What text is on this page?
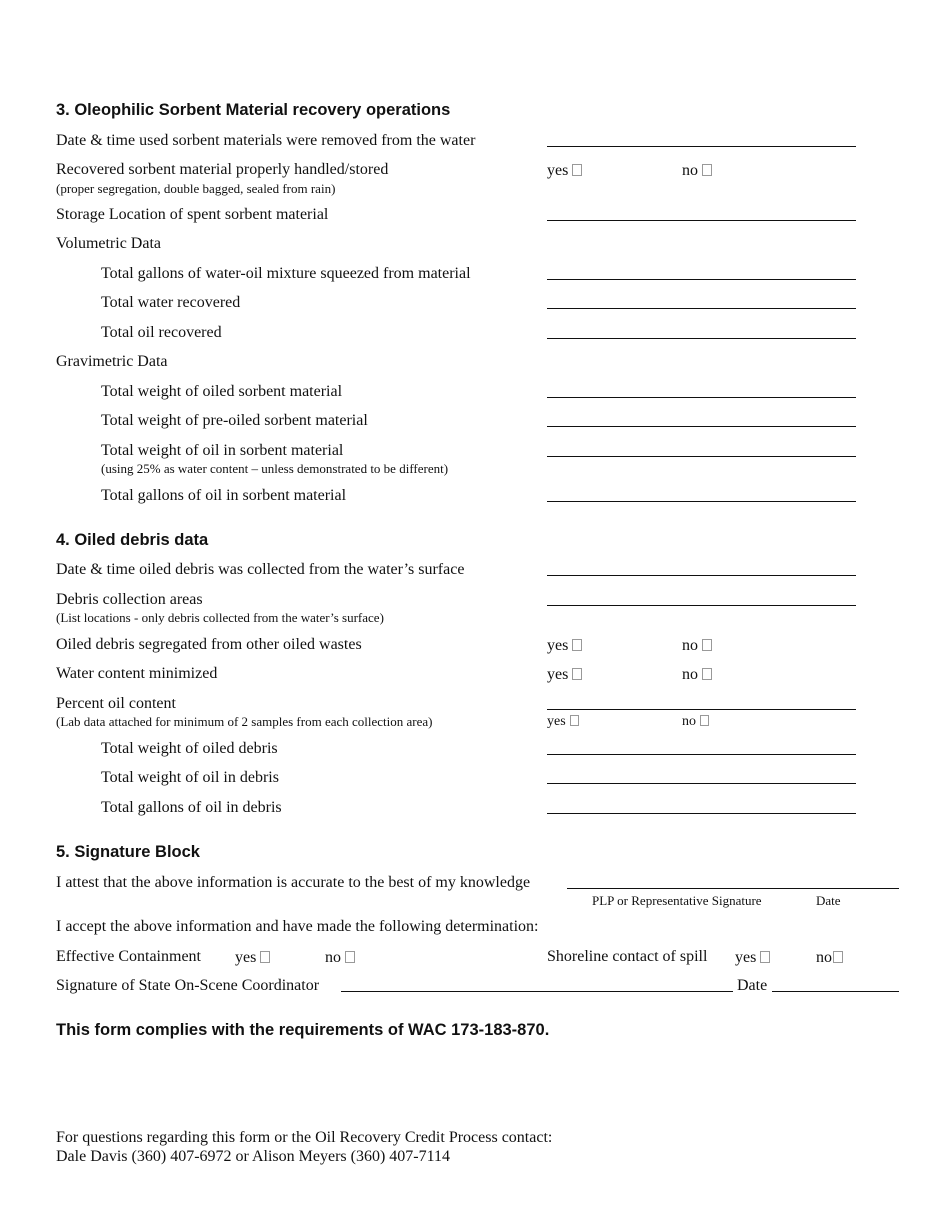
3. Oleophilic Sorbent Material recovery operations
Date & time used sorbent materials were removed from the water
Recovered sorbent material properly handled/stored
(proper segregation, double bagged, sealed from rain)
yes	no
Storage Location of spent sorbent material
Volumetric Data
Total gallons of water-oil mixture squeezed from material
Total water recovered
Total oil recovered
Gravimetric Data
Total weight of oiled sorbent material
Total weight of pre-oiled sorbent material
Total weight of oil in sorbent material
(using 25% as water content – unless demonstrated to be different)
Total gallons of oil in sorbent material
4. Oiled debris data
Date & time oiled debris was collected from the water’s surface
Debris collection areas
(List locations - only debris collected from the water’s surface)
Oiled debris segregated from other oiled wastes	yes	no
Water content minimized	yes	no
Percent oil content
(Lab data attached for minimum of 2 samples from each collection area)	yes	no
Total weight of oiled debris
Total weight of oil in debris
Total gallons of oil in debris
5. Signature Block
I attest that the above information is accurate to the best of my knowledge
PLP or Representative Signature	Date
I accept the above information and have made the following determination:
Effective Containment yes	no	Shoreline contact of spill yes	no
Signature of State On-Scene Coordinator	Date
This form complies with the requirements of WAC 173-183-870.
For questions regarding this form or the Oil Recovery Credit Process contact:
Dale Davis (360) 407-6972 or Alison Meyers (360) 407-7114
